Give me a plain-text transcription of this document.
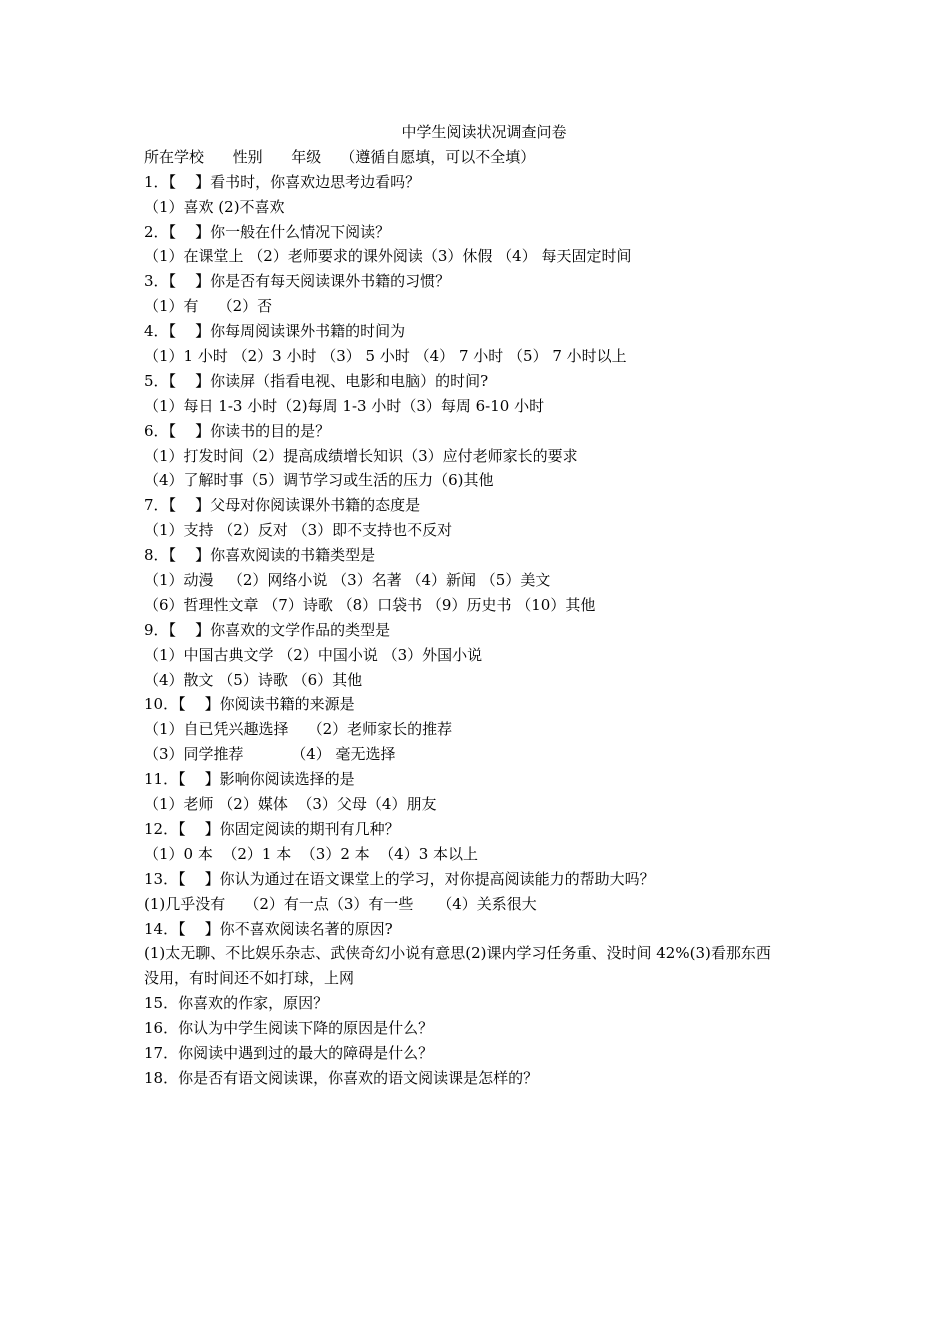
中学生阅读状况调查问卷
所在学校      性别      年级    （遵循自愿填，可以不全填）
1．【    】看书时，你喜欢边思考边看吗？
（1）喜欢 (2)不喜欢
2．【    】你一般在什么情况下阅读？
（1）在课堂上 （2）老师要求的课外阅读（3）休假 （4） 每天固定时间
3．【    】你是否有每天阅读课外书籍的习惯？
（1）有    （2）否
4．【    】你每周阅读课外书籍的时间为
（1）1 小时 （2）3 小时 （3） 5 小时 （4） 7 小时 （5） 7 小时以上
5．【    】你读屏（指看电视、电影和电脑）的时间?
（1）每日 1-3 小时（2)每周 1-3 小时（3）每周 6-10 小时
6．【    】你读书的目的是？
（1）打发时间（2）提高成绩增长知识（3）应付老师家长的要求
（4）了解时事（5）调节学习或生活的压力（6)其他
7．【    】父母对你阅读课外书籍的态度是
（1）支持 （2）反对 （3）即不支持也不反对
8．【    】你喜欢阅读的书籍类型是
（1）动漫   （2）网络小说 （3）名著 （4）新闻 （5）美文
（6）哲理性文章 （7）诗歌 （8）口袋书 （9）历史书 （10）其他
9．【    】你喜欢的文学作品的类型是
（1）中国古典文学 （2）中国小说 （3）外国小说
（4）散文 （5）诗歌 （6）其他
10．【    】你阅读书籍的来源是
（1）自已凭兴趣选择    （2）老师家长的推荐
（3）同学推荐          （4） 毫无选择
11．【    】影响你阅读选择的是
（1）老师 （2）媒体  （3）父母（4）朋友
12．【    】你固定阅读的期刊有几种？
（1）0 本  （2）1 本  （3）2 本  （4）3 本以上
13．【    】你认为通过在语文课堂上的学习，对你提高阅读能力的帮助大吗？
(1)几乎没有    （2）有一点（3）有一些     （4）关系很大
14．【    】你不喜欢阅读名著的原因?
(1)太无聊、不比娱乐杂志、武侠奇幻小说有意思(2)课内学习任务重、没时间 42%(3)看那东西
没用，有时间还不如打球，上网
15．你喜欢的作家，原因？
16．你认为中学生阅读下降的原因是什么？
17．你阅读中遇到过的最大的障碍是什么？
18．你是否有语文阅读课，你喜欢的语文阅读课是怎样的？
